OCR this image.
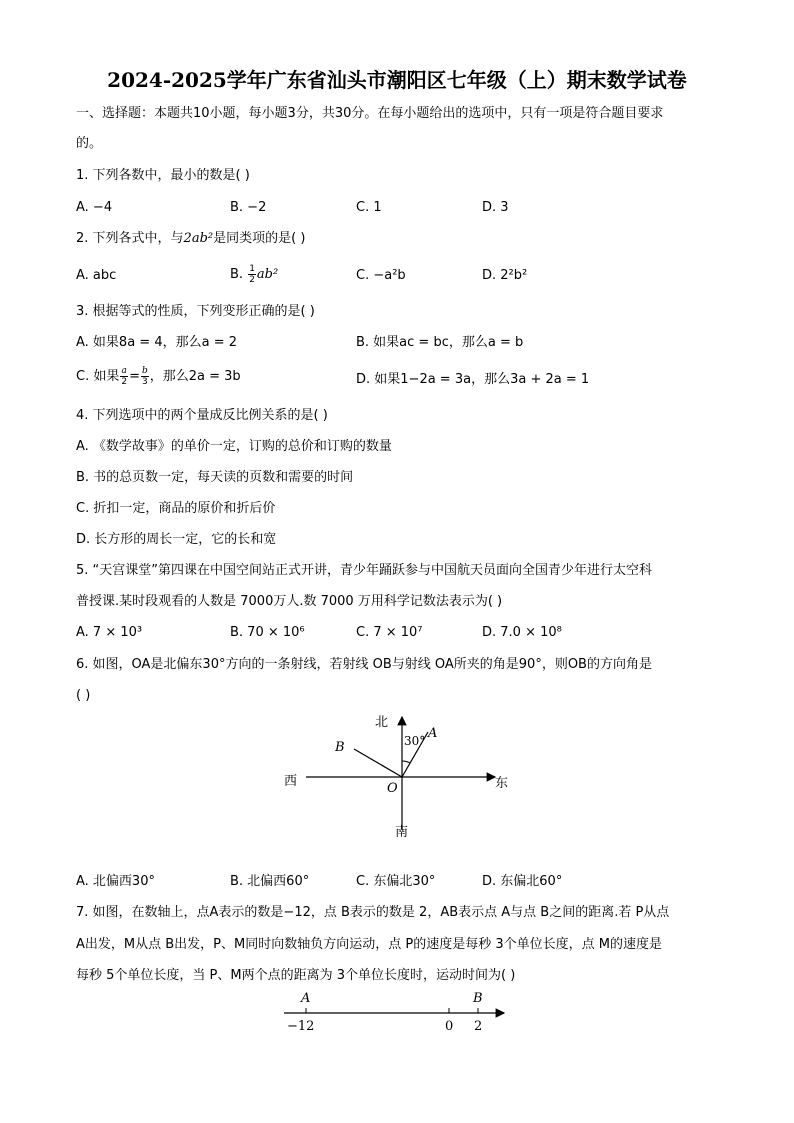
2024-2025学年广东省汕头市潮阳区七年级（上）期末数学试卷
一、选择题：本题共10小题，每小题3分，共30分。在每小题给出的选项中，只有一项是符合题目要求
的。
1. 下列各数中，最小的数是( )
A. −4	B. −2	C. 1	D. 3
2. 下列各式中，与2ab²是同类项的是( )
A. abc	B. $\frac{1}{2} ab^2$	C. −a²b	D. 2²b²
3. 根据等式的性质，下列变形正确的是( )
A. 如果8a = 4，那么a = 2	B. 如果ac = bc，那么a = b
C. 如果 $\frac{a}{2} = \frac{b}{3}$ ，那么2a = 3b	D. 如果1−2a = 3a，那么3a + 2a = 1
4. 下列选项中的两个量成反比例关系的是( )
A. 《数学故事》的单价一定，订购的总价和订购的数量
B. 书的总页数一定，每天读的页数和需要的时间
C. 折扣一定，商品的原价和折后价
D. 长方形的周长一定，它的长和宽
5. “天宫课堂”第四课在中国空间站正式开讲，青少年踊跃参与中国航天员面向全国青少年进行太空科
普授课.某时段观看的人数是 7000万人.数 7000 万用科学记数法表示为( )
A. 7 × 10³	B. 70 × 10⁶	C. 7 × 10⁷	D. 7.0 × 10⁸
6. 如图，OA是北偏东30°方向的一条射线，若射线 OB与射线 OA所夹的角是90°，则OB的方向角是
( )
北
南
西	东
O
A
B	30°
A. 北偏西30°	B. 北偏西60°	C. 东偏北30°	D. 东偏北60°
7. 如图，在数轴上，点A表示的数是−12，点 B表示的数是 2，AB表示点 A与点 B之间的距离.若 P从点
A出发，M从点 B出发，P、M同时向数轴负方向运动，点 P的速度是每秒 3个单位长度，点 M的速度是
每秒 5个单位长度，当 P、M两个点的距离为 3个单位长度时，运动时间为( )
A	B
−12	0 2
